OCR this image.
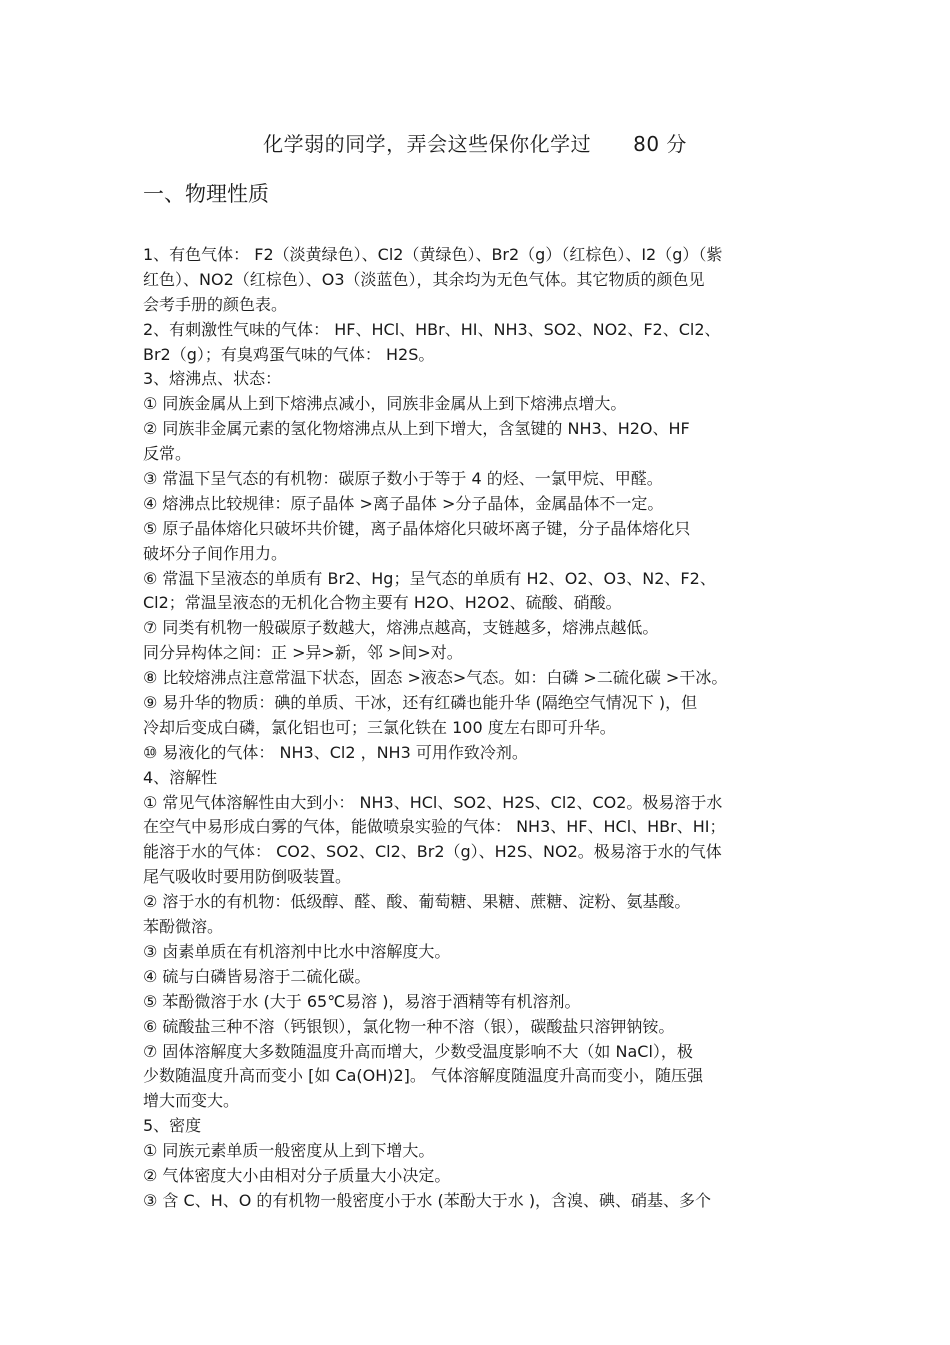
化学弱的同学，弄会这些保你化学过 80 分
一、物理性质
1、有色气体： F2（淡黄绿色）、Cl2（黄绿色）、Br2（g）（红棕色）、I2（g）（紫
红色）、NO2（红棕色）、O3（淡蓝色），其余均为无色气体。其它物质的颜色见
会考手册的颜色表。
2、有刺激性气味的气体： HF、HCl、HBr、HI、NH3、SO2、NO2、F2、Cl2、
Br2（g）；有臭鸡蛋气味的气体： H2S。
3、熔沸点、状态：
① 同族金属从上到下熔沸点减小，同族非金属从上到下熔沸点增大。
② 同族非金属元素的氢化物熔沸点从上到下增大，含氢键的 NH3、H2O、HF
反常。
③ 常温下呈气态的有机物：碳原子数小于等于 4 的烃、一氯甲烷、甲醛。
④ 熔沸点比较规律：原子晶体 >离子晶体 >分子晶体，金属晶体不一定。
⑤ 原子晶体熔化只破坏共价键，离子晶体熔化只破坏离子键，分子晶体熔化只
破坏分子间作用力。
⑥ 常温下呈液态的单质有 Br2、Hg；呈气态的单质有 H2、O2、O3、N2、F2、
Cl2；常温呈液态的无机化合物主要有 H2O、H2O2、硫酸、硝酸。
⑦ 同类有机物一般碳原子数越大，熔沸点越高，支链越多，熔沸点越低。
同分异构体之间：正 >异>新，邻 >间>对。
⑧ 比较熔沸点注意常温下状态，固态 >液态>气态。如：白磷 >二硫化碳 >干冰。
⑨ 易升华的物质：碘的单质、干冰，还有红磷也能升华 (隔绝空气情况下 )，但
冷却后变成白磷，氯化铝也可；三氯化铁在 100 度左右即可升华。
⑩ 易液化的气体： NH3、Cl2 ，NH3 可用作致冷剂。
4、溶解性
① 常见气体溶解性由大到小： NH3、HCl、SO2、H2S、Cl2、CO2。极易溶于水
在空气中易形成白雾的气体，能做喷泉实验的气体： NH3、HF、HCl、HBr、HI；
能溶于水的气体： CO2、SO2、Cl2、Br2（g）、H2S、NO2。极易溶于水的气体
尾气吸收时要用防倒吸装置。
② 溶于水的有机物：低级醇、醛、酸、葡萄糖、果糖、蔗糖、淀粉、氨基酸。
苯酚微溶。
③ 卤素单质在有机溶剂中比水中溶解度大。
④ 硫与白磷皆易溶于二硫化碳。
⑤ 苯酚微溶于水 (大于 65℃易溶 )，易溶于酒精等有机溶剂。
⑥ 硫酸盐三种不溶（钙银钡），氯化物一种不溶（银），碳酸盐只溶钾钠铵。
⑦ 固体溶解度大多数随温度升高而增大，少数受温度影响不大（如 NaCl），极
少数随温度升高而变小 [如 Ca(OH)2]。 气体溶解度随温度升高而变小，随压强
增大而变大。
5、密度
① 同族元素单质一般密度从上到下增大。
② 气体密度大小由相对分子质量大小决定。
③ 含 C、H、O 的有机物一般密度小于水 (苯酚大于水 )，含溴、碘、硝基、多个
